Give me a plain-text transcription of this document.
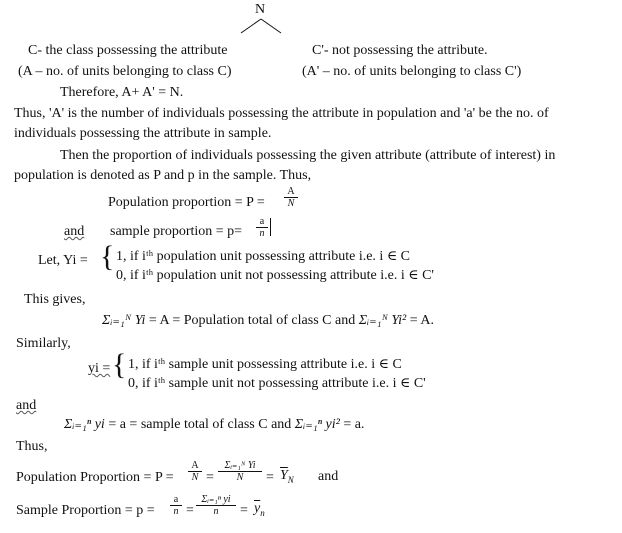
N
C- the class possessing the attribute	C'- not possessing the attribute.
(A – no. of units belonging to class C)	(A' – no. of units belonging to class C')
Therefore, A+ A' = N.
Thus, 'A' is the number of individuals possessing the attribute in population and 'a' be the no. of
individuals possessing the attribute in sample.
Then the proportion of individuals possessing the given attribute (attribute of interest) in
population is denoted as P and p in the sample. Thus,
Population proportion = $P = \frac{A}{N}$
and sample proportion = $p= \frac{a}{n}$
Let, Yi = { 1, if iᵗʰ population unit possessing attribute i.e. i ∈ C
0, if iᵗʰ population unit not possessing attribute i.e. i ∈ C'
This gives,
Σᵢ₌₁ᴺ Yi = A = Population total of class C and Σᵢ₌₁ᴺ Yi² = A.
Similarly,
yi = { 1, if iᵗʰ sample unit possessing attribute i.e. i ∈ C
0, if iᵗʰ sample unit not possessing attribute i.e. i ∈ C'
and
Σᵢ₌₁ⁿ yi = a = sample total of class C and Σᵢ₌₁ⁿ yi² = a.
Thus,
Population Proportion = $P = \frac{A}{N} = \frac{\text{Σᵢ₌₁ᴺ Yi}}{N} = \overline{Y}_N$ and
Sample Proportion = $p = \frac{a}{n} = \frac{\text{Σᵢ₌₁ⁿ yi}}{n} = \overline{y}_n$
